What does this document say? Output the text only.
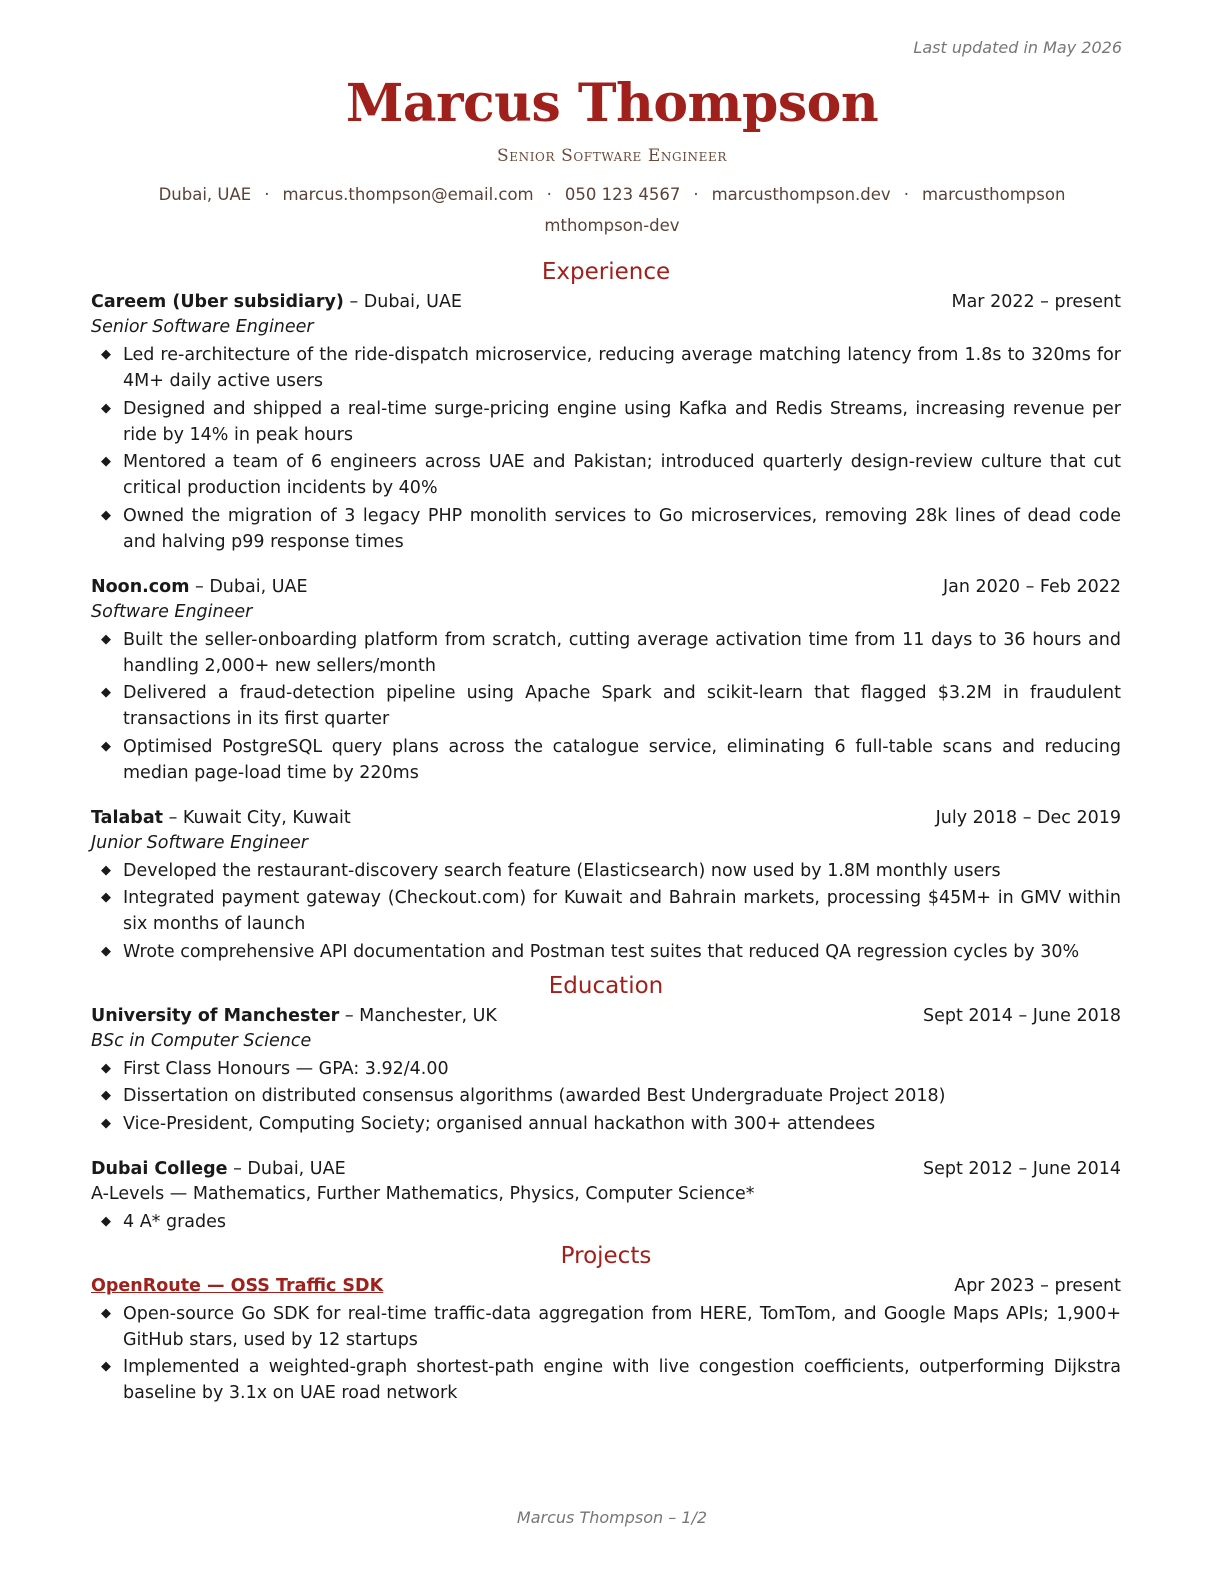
Last updated in May 2026
Marcus Thompson
Senior Software Engineer
Dubai, UAE · marcus.thompson@email.com · 050 123 4567 · marcusthompson.dev · marcusthompson
mthompson-dev
Experience
Careem (Uber subsidiary) – Dubai, UAE	Mar 2022 – present
Senior Software Engineer
◆ Led re-architecture of the ride-dispatch microservice, reducing average matching latency from 1.8s to 320ms for 4M+ daily active users
◆ Designed and shipped a real-time surge-pricing engine using Kafka and Redis Streams, increasing revenue per ride by 14% in peak hours
◆ Mentored a team of 6 engineers across UAE and Pakistan; introduced quarterly design-review culture that cut critical production incidents by 40%
◆ Owned the migration of 3 legacy PHP monolith services to Go microservices, removing 28k lines of dead code and halving p99 response times
Noon.com – Dubai, UAE	Jan 2020 – Feb 2022
Software Engineer
◆ Built the seller-onboarding platform from scratch, cutting average activation time from 11 days to 36 hours and handling 2,000+ new sellers/month
◆ Delivered a fraud-detection pipeline using Apache Spark and scikit-learn that flagged $3.2M in fraudulent transactions in its first quarter
◆ Optimised PostgreSQL query plans across the catalogue service, eliminating 6 full-table scans and reducing median page-load time by 220ms
Talabat – Kuwait City, Kuwait	July 2018 – Dec 2019
Junior Software Engineer
◆ Developed the restaurant-discovery search feature (Elasticsearch) now used by 1.8M monthly users
◆ Integrated payment gateway (Checkout.com) for Kuwait and Bahrain markets, processing $45M+ in GMV within six months of launch
◆ Wrote comprehensive API documentation and Postman test suites that reduced QA regression cycles by 30%
Education
University of Manchester – Manchester, UK	Sept 2014 – June 2018
BSc in Computer Science
◆ First Class Honours — GPA: 3.92/4.00
◆ Dissertation on distributed consensus algorithms (awarded Best Undergraduate Project 2018)
◆ Vice-President, Computing Society; organised annual hackathon with 300+ attendees
Dubai College – Dubai, UAE	Sept 2012 – June 2014
A-Levels — Mathematics, Further Mathematics, Physics, Computer Science*
◆ 4 A* grades
Projects
OpenRoute — OSS Traffic SDK	Apr 2023 – present
◆ Open-source Go SDK for real-time traffic-data aggregation from HERE, TomTom, and Google Maps APIs; 1,900+ GitHub stars, used by 12 startups
◆ Implemented a weighted-graph shortest-path engine with live congestion coefficients, outperforming Dijkstra baseline by 3.1x on UAE road network
Marcus Thompson – 1/2
